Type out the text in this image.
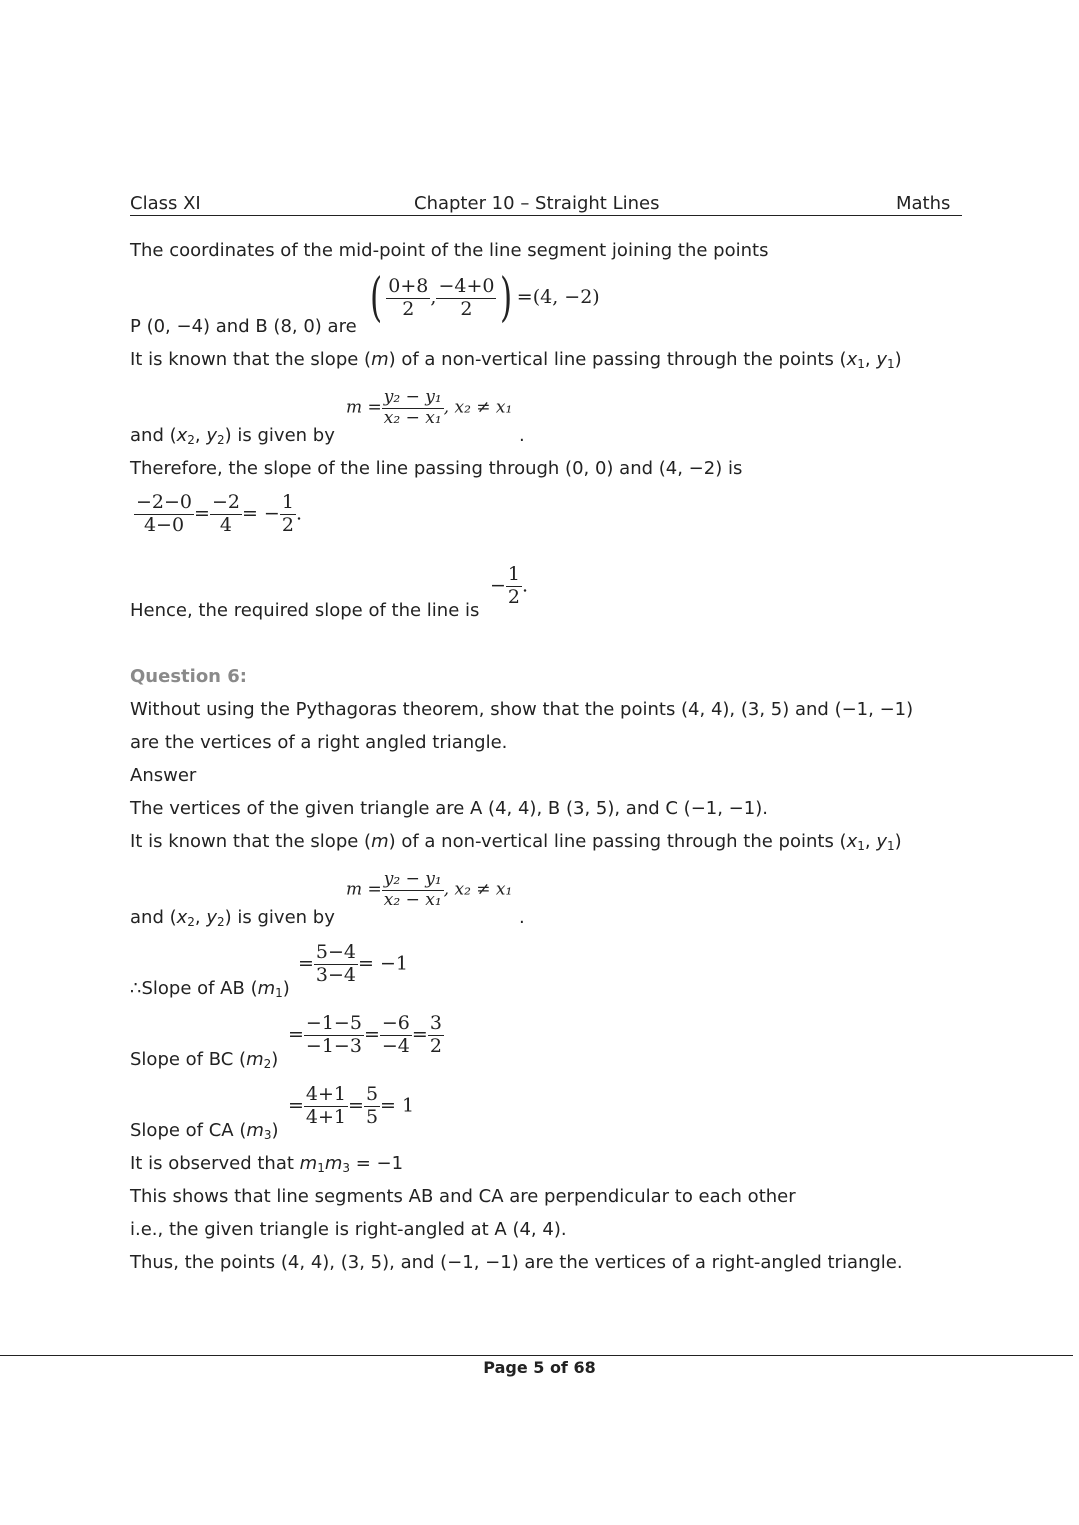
Class XI	Chapter 10 – Straight Lines	Maths
The coordinates of the mid-point of the line segment joining the points
P (0, −4) and B (8, 0) are ( $\frac{0+8}{2}$ , $\frac{-4+0}{2}$ ) =(4, −2)
It is known that the slope (m) of a non-vertical line passing through the points ($x_1$, $y_1$)
and ($x_2$, $y_2$) is given by
$m = \frac{\text{y₂ − y₁}}{\text{x₂ − x₁}}$ , x₂ ≠ x₁
.
Therefore, the slope of the line passing through (0, 0) and (4, −2) is
$\frac{-2-0}{4-0} = \frac{-2}{4}$ = − $\frac{1}{2}$ .
Hence, the required slope of the line is
− $\frac{1}{2}$ .
Question 6:
Without using the Pythagoras theorem, show that the points (4, 4), (3, 5) and (−1, −1)
are the vertices of a right angled triangle.
Answer
The vertices of the given triangle are A (4, 4), B (3, 5), and C (−1, −1).
It is known that the slope (m) of a non-vertical line passing through the points ($x_1$, $y_1$)
and ($x_2$, $y_2$) is given by
$m = \frac{\text{y₂ − y₁}}{\text{x₂ − x₁}}$ , x₂ ≠ x₁
.
∴Slope of AB $(m_1)$
= $\frac{5-4}{3-4} = -1$
Slope of BC $(m_2)$
= $\frac{-1-5}{-1-3} = \frac{-6}{-4} = \frac{3}{2}$
Slope of CA $(m_3)$
= $\frac{4+1}{4+1} = \frac{5}{5} = 1$
It is observed that $m_1m_3 = -1$
This shows that line segments AB and CA are perpendicular to each other
i.e., the given triangle is right-angled at A (4, 4).
Thus, the points (4, 4), (3, 5), and (−1, −1) are the vertices of a right-angled triangle.
Page 5 of 68
